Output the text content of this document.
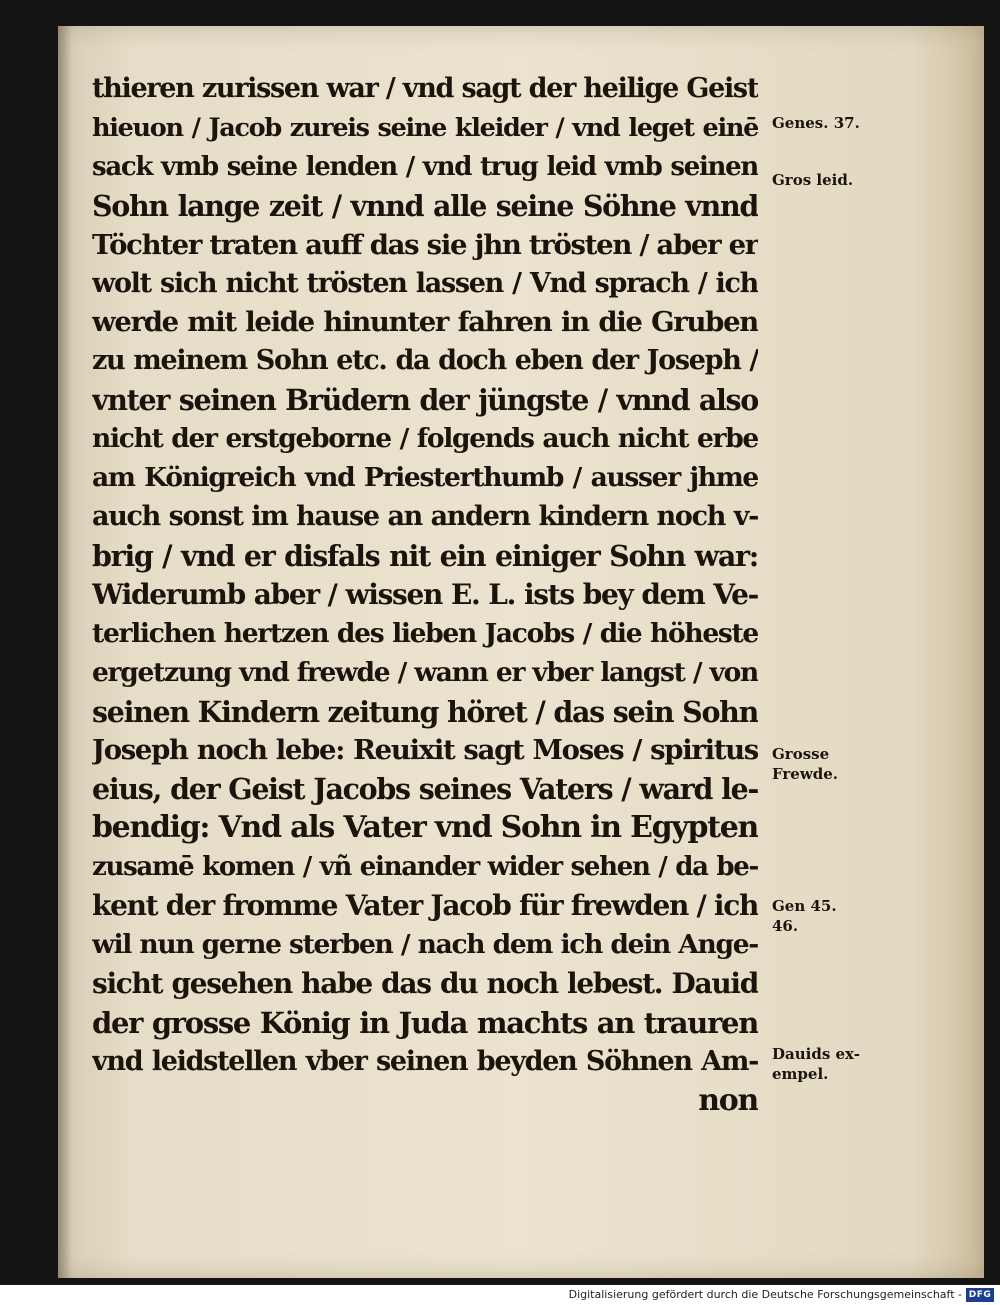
thieren zurissen war / vnd sagt der heilige Geist
hieuon / Jacob zureis seine kleider / vnd leget einē
sack vmb seine lenden / vnd trug leid vmb seinen
Sohn lange zeit / vnnd alle seine Söhne vnnd
Töchter traten auff das sie jhn trösten / aber er
wolt sich nicht trösten lassen / Vnd sprach / ich
werde mit leide hinunter fahren in die Gruben
zu meinem Sohn etc. da doch eben der Joseph /
vnter seinen Brüdern der jüngste / vnnd also
nicht der erstgeborne / folgends auch nicht erbe
am Königreich vnd Priesterthumb / ausser jhme
auch sonst im hause an andern kindern noch v-
brig / vnd er disfals nit ein einiger Sohn war:
Widerumb aber / wissen E. L. ists bey dem Ve-
terlichen hertzen des lieben Jacobs / die höheste
ergetzung vnd frewde / wann er vber langst / von
seinen Kindern zeitung höret / das sein Sohn
Joseph noch lebe: Reuixit sagt Moses / spiritus
eius, der Geist Jacobs seines Vaters / ward le-
bendig: Vnd als Vater vnd Sohn in Egypten
zusamē komen / vñ einander wider sehen / da be-
kent der fromme Vater Jacob für frewden / ich
wil nun gerne sterben / nach dem ich dein Ange-
sicht gesehen habe das du noch lebest. Dauid
der grosse König in Juda machts an trauren
vnd leidstellen vber seinen beyden Söhnen Am-
non
Genes. 37.
Gros leid.
Grosse
Frewde.
Gen 45.
46.
Dauids ex-
empel.
Digitalisierung gefördert durch die Deutsche Forschungsgemeinschaft - DFG
